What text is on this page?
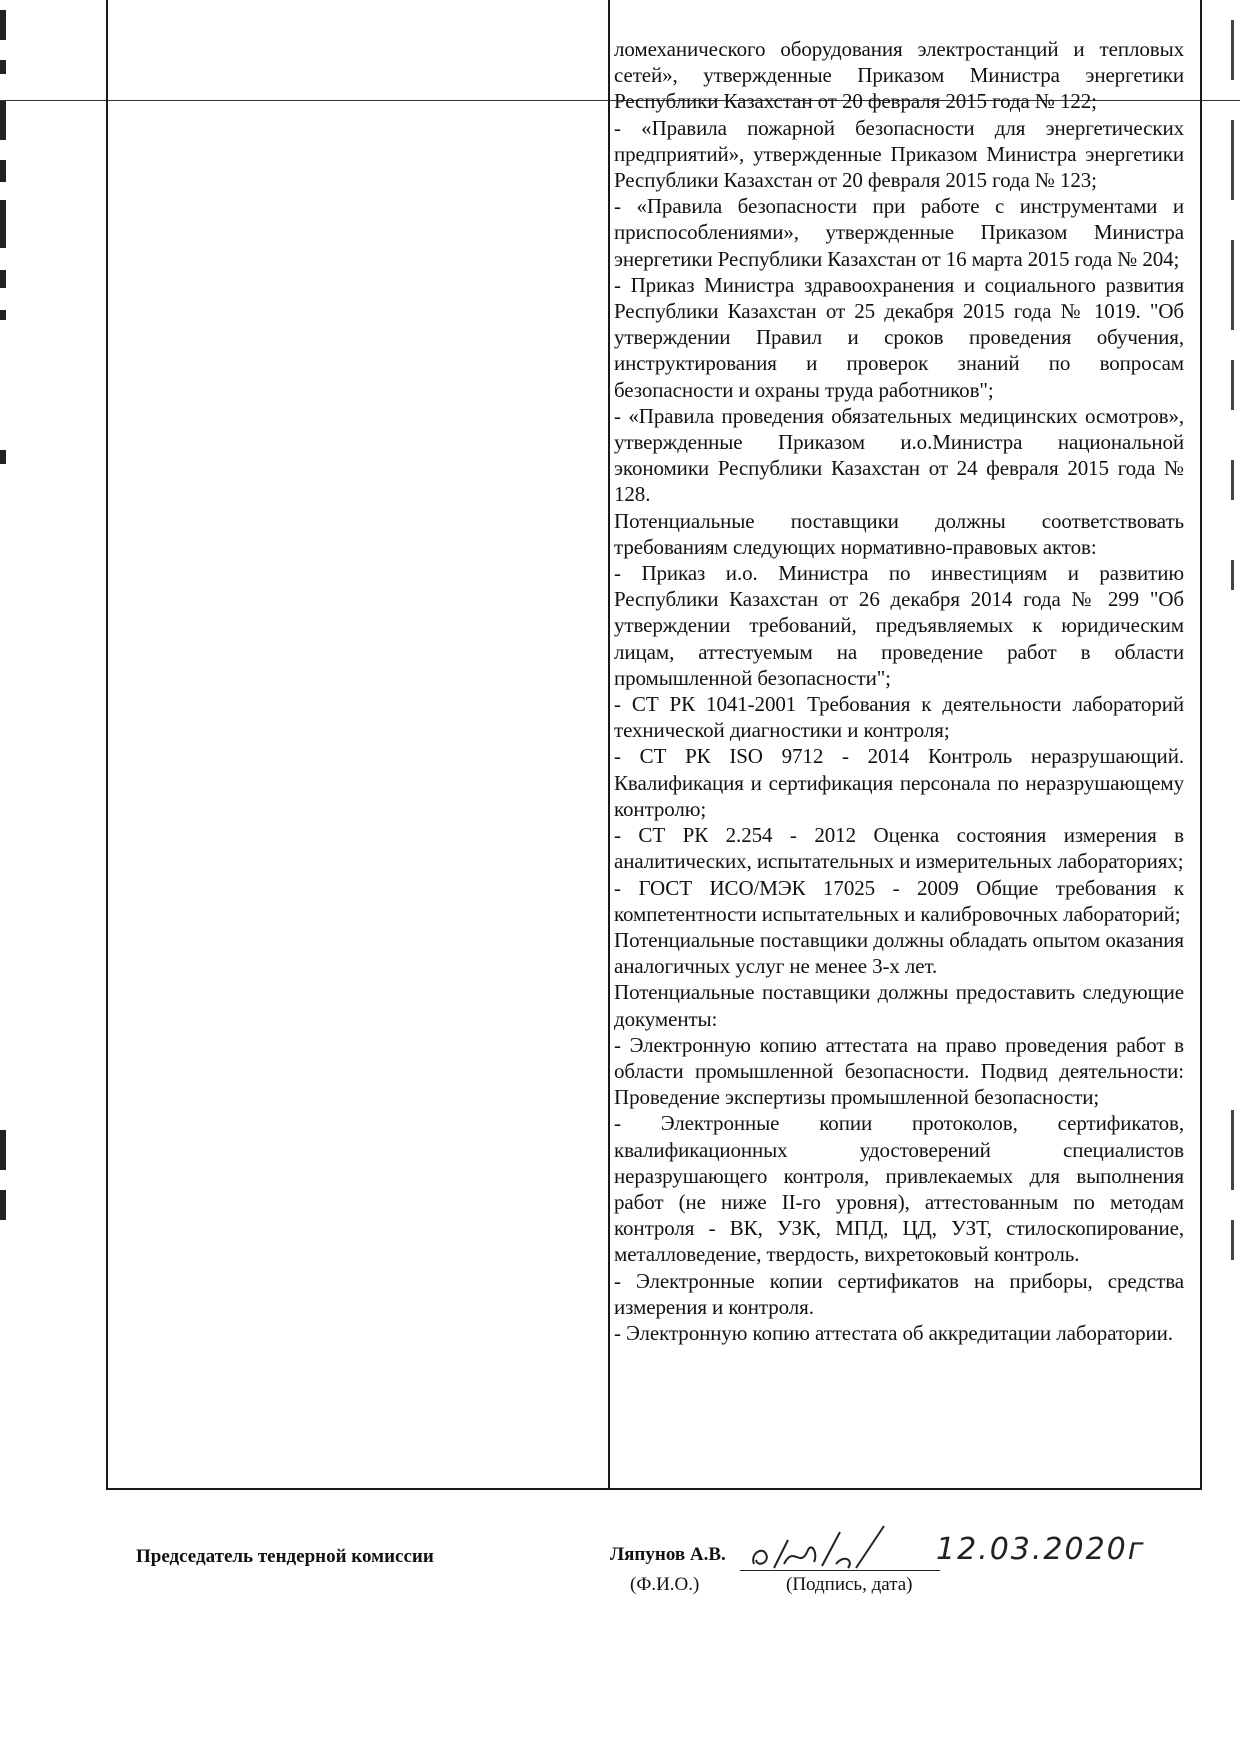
ломеханического оборудования электростанций и тепловых сетей», утвержденные Приказом Министра энергетики Республики Казахстан от 20 февраля 2015 года № 122;

- «Правила пожарной безопасности для энергетических предприятий», утвержденные Приказом Министра энергетики Республики Казахстан от 20 февраля 2015 года № 123;

- «Правила безопасности при работе с инструментами и приспособлениями», утвержденные Приказом Министра энергетики Республики Казахстан от 16 марта 2015 года № 204;

- Приказ Министра здравоохранения и социального развития Республики Казахстан от 25 декабря 2015 года № 1019. "Об утверждении Правил и сроков проведения обучения, инструктирования и проверок знаний по вопросам безопасности и охраны труда работников";

- «Правила проведения обязательных медицинских осмотров», утвержденные Приказом и.о.Министра национальной экономики Республики Казахстан от 24 февраля 2015 года № 128.

Потенциальные поставщики должны соответствовать требованиям следующих нормативно-правовых актов:

- Приказ и.о. Министра по инвестициям и развитию Республики Казахстан от 26 декабря 2014 года № 299 "Об утверждении требований, предъявляемых к юридическим лицам, аттестуемым на проведение работ в области промышленной безопасности";

- СТ РК 1041-2001 Требования к деятельности лабораторий технической диагностики и контроля;

- СТ РК ISO 9712 - 2014 Контроль неразрушающий. Квалификация и сертификация персонала по неразрушающему контролю;

- СТ РК 2.254 - 2012 Оценка состояния измерения в аналитических, испытательных и измерительных лабораториях;

- ГОСТ ИСО/МЭК 17025 - 2009 Общие требования к компетентности испытательных и калибровочных лабораторий;

Потенциальные поставщики должны обладать опытом оказания аналогичных услуг не менее 3-х лет.

Потенциальные поставщики должны предоставить следующие документы:

- Электронную копию аттестата на право проведения работ в области промышленной безопасности. Подвид деятельности: Проведение экспертизы промышленной безопасности;

- Электронные копии протоколов, сертификатов, квалификационных удостоверений специалистов неразрушающего контроля, привлекаемых для выполнения работ (не ниже II-го уровня), аттестованным по методам контроля - ВК, УЗК, МПД, ЦД, УЗТ, стилоскопирование, металловедение, твердость, вихретоковый контроль.

- Электронные копии сертификатов на приборы, средства измерения и контроля.

- Электронную копию аттестата об аккредитации лаборатории.

Председатель тендерной комиссии	Ляпунов А.В.	12.03.2020г
(Ф.И.О.)	(Подпись, дата)
